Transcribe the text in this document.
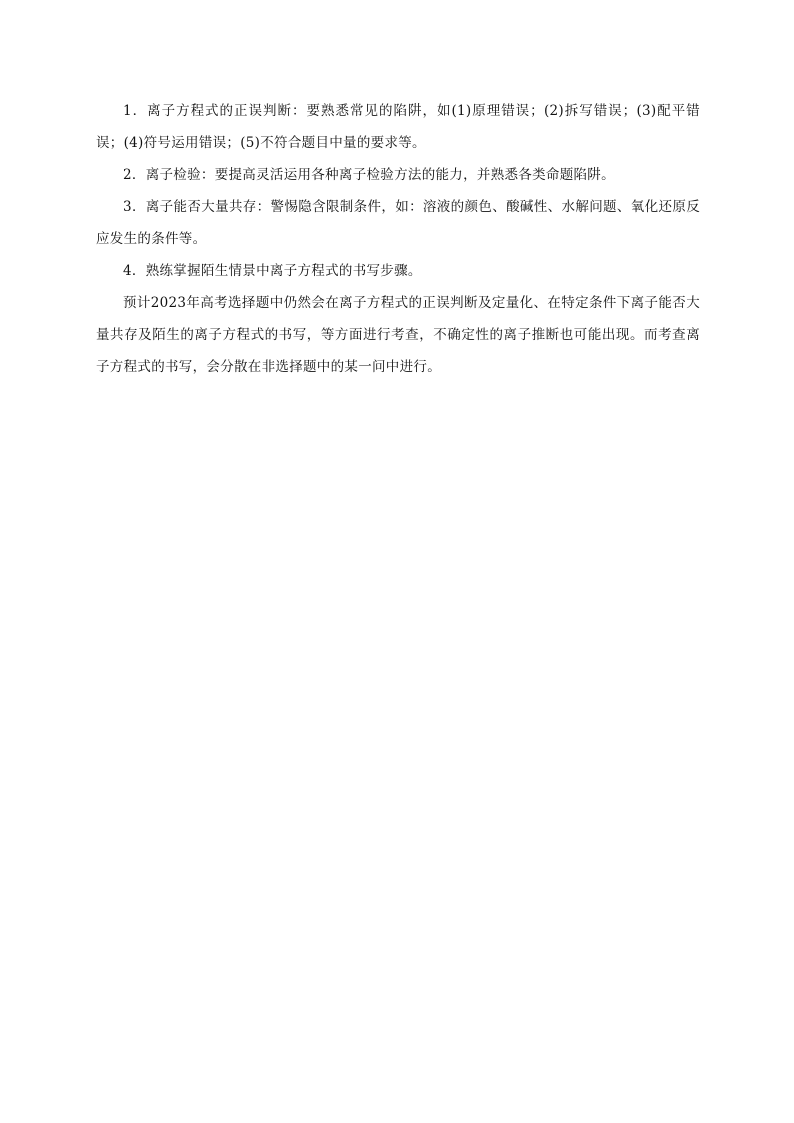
1．离子方程式的正误判断：要熟悉常见的陷阱，如(1)原理错误；(2)拆写错误；(3)配平错误；(4)符号运用错误；(5)不符合题目中量的要求等。

2．离子检验：要提高灵活运用各种离子检验方法的能力，并熟悉各类命题陷阱。

3．离子能否大量共存：警惕隐含限制条件，如：溶液的颜色、酸碱性、水解问题、氧化还原反应发生的条件等。

4．熟练掌握陌生情景中离子方程式的书写步骤。

预计2023年高考选择题中仍然会在离子方程式的正误判断及定量化、在特定条件下离子能否大量共存及陌生的离子方程式的书写，等方面进行考查，不确定性的离子推断也可能出现。而考查离子方程式的书写，会分散在非选择题中的某一问中进行。
